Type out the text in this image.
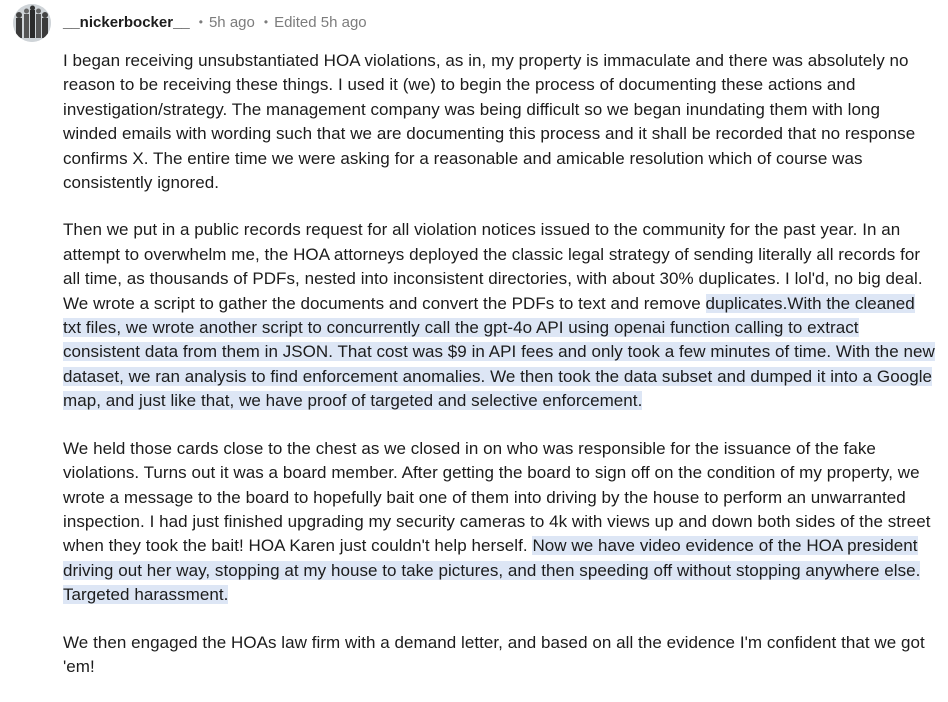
__nickerbocker__ • 5h ago • Edited 5h ago

I began receiving unsubstantiated HOA violations, as in, my property is immaculate and there was absolutely no reason to be receiving these things. I used it (we) to begin the process of documenting these actions and investigation/strategy. The management company was being difficult so we began inundating them with long winded emails with wording such that we are documenting this process and it shall be recorded that no response confirms X. The entire time we were asking for a reasonable and amicable resolution which of course was consistently ignored.

Then we put in a public records request for all violation notices issued to the community for the past year. In an attempt to overwhelm me, the HOA attorneys deployed the classic legal strategy of sending literally all records for all time, as thousands of PDFs, nested into inconsistent directories, with about 30% duplicates. I lol'd, no big deal. We wrote a script to gather the documents and convert the PDFs to text and remove duplicates.With the cleaned txt files, we wrote another script to concurrently call the gpt-4o API using openai function calling to extract consistent data from them in JSON. That cost was $9 in API fees and only took a few minutes of time. With the new dataset, we ran analysis to find enforcement anomalies. We then took the data subset and dumped it into a Google map, and just like that, we have proof of targeted and selective enforcement.

We held those cards close to the chest as we closed in on who was responsible for the issuance of the fake violations. Turns out it was a board member. After getting the board to sign off on the condition of my property, we wrote a message to the board to hopefully bait one of them into driving by the house to perform an unwarranted inspection. I had just finished upgrading my security cameras to 4k with views up and down both sides of the street when they took the bait! HOA Karen just couldn't help herself. Now we have video evidence of the HOA president driving out her way, stopping at my house to take pictures, and then speeding off without stopping anywhere else. Targeted harassment.

We then engaged the HOAs law firm with a demand letter, and based on all the evidence I'm confident that we got 'em!
